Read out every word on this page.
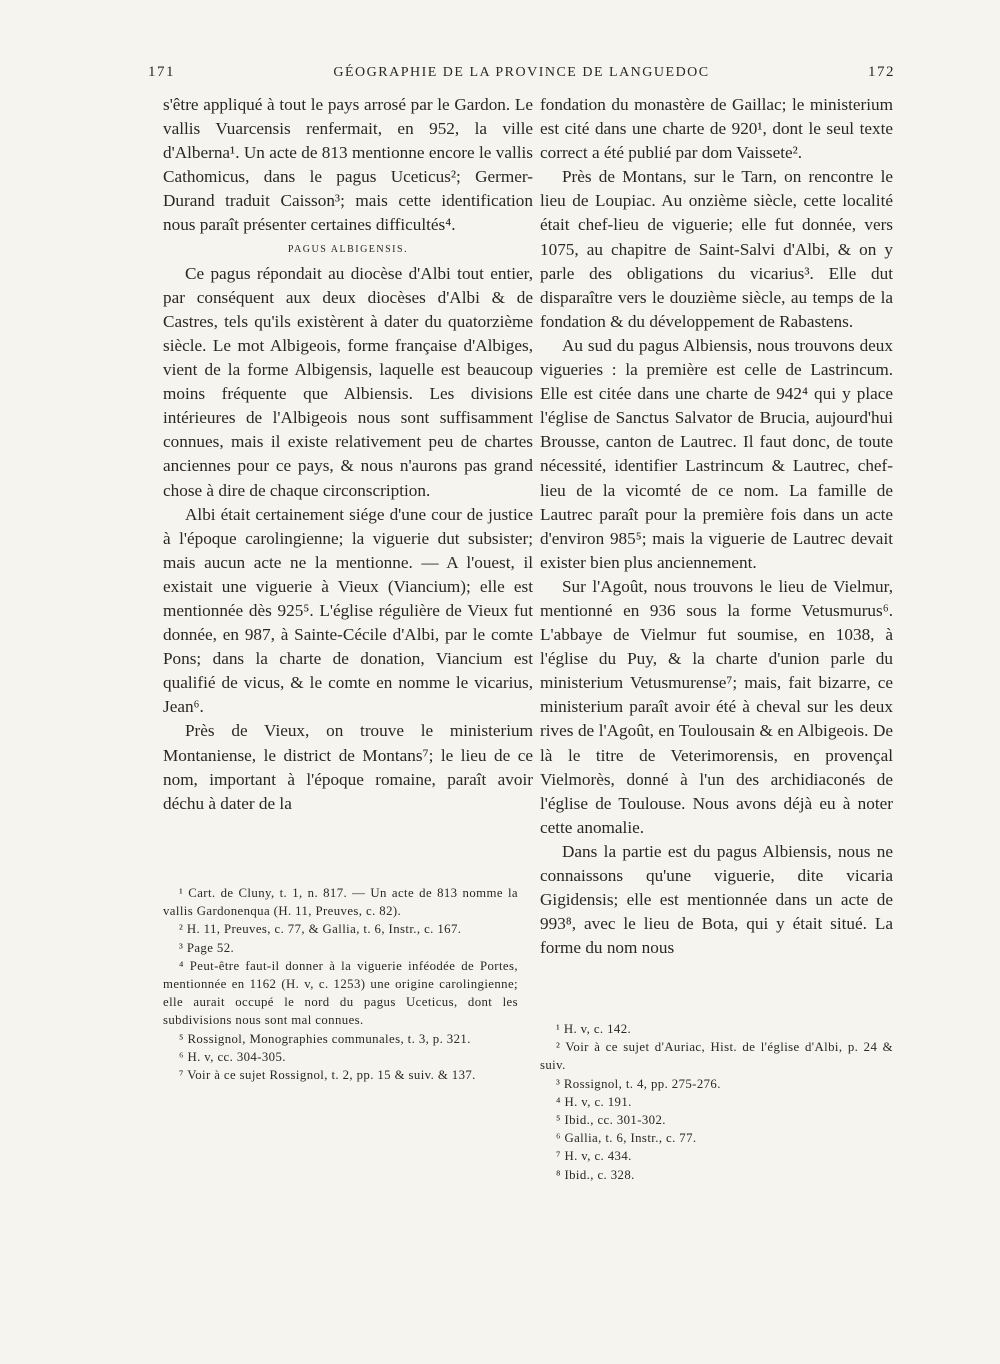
171	GÉOGRAPHIE DE LA PROVINCE DE LANGUEDOC	172

s'être appliqué à tout le pays arrosé par le Gardon. Le vallis Vuarcensis renfermait, en 952, la ville d'Alberna¹. Un acte de 813 mentionne encore le vallis Cathomicus, dans le pagus Uceticus²; Germer-Durand traduit Caisson³; mais cette identification nous paraît présenter certaines difficultés⁴.

PAGUS ALBIGENSIS.

Ce pagus répondait au diocèse d'Albi tout entier, par conséquent aux deux diocèses d'Albi & de Castres, tels qu'ils existèrent à dater du quatorzième siècle. Le mot Albigeois, forme française d'Albiges, vient de la forme Albigensis, laquelle est beaucoup moins fréquente que Albiensis. Les divisions intérieures de l'Albigeois nous sont suffisamment connues, mais il existe relativement peu de chartes anciennes pour ce pays, & nous n'aurons pas grand chose à dire de chaque circonscription.

Albi était certainement siége d'une cour de justice à l'époque carolingienne; la viguerie dut subsister; mais aucun acte ne la mentionne. — A l'ouest, il existait une viguerie à Vieux (Viancium); elle est mentionnée dès 925⁵. L'église régulière de Vieux fut donnée, en 987, à Sainte-Cécile d'Albi, par le comte Pons; dans la charte de donation, Viancium est qualifié de vicus, & le comte en nomme le vicarius, Jean⁶.

Près de Vieux, on trouve le ministerium Montaniense, le district de Montans⁷; le lieu de ce nom, important à l'époque romaine, paraît avoir déchu à dater de la

fondation du monastère de Gaillac; le ministerium est cité dans une charte de 920¹, dont le seul texte correct a été publié par dom Vaissete².

Près de Montans, sur le Tarn, on rencontre le lieu de Loupiac. Au onzième siècle, cette localité était chef-lieu de viguerie; elle fut donnée, vers 1075, au chapitre de Saint-Salvi d'Albi, & on y parle des obligations du vicarius³. Elle dut disparaître vers le douzième siècle, au temps de la fondation & du développement de Rabastens.

Au sud du pagus Albiensis, nous trouvons deux vigueries : la première est celle de Lastrincum. Elle est citée dans une charte de 942⁴ qui y place l'église de Sanctus Salvator de Brucia, aujourd'hui Brousse, canton de Lautrec. Il faut donc, de toute nécessité, identifier Lastrincum & Lautrec, chef-lieu de la vicomté de ce nom. La famille de Lautrec paraît pour la première fois dans un acte d'environ 985⁵; mais la viguerie de Lautrec devait exister bien plus anciennement.

Sur l'Agoût, nous trouvons le lieu de Vielmur, mentionné en 936 sous la forme Vetusmurus⁶. L'abbaye de Vielmur fut soumise, en 1038, à l'église du Puy, & la charte d'union parle du ministerium Vetusmurense⁷; mais, fait bizarre, ce ministerium paraît avoir été à cheval sur les deux rives de l'Agoût, en Toulousain & en Albigeois. De là le titre de Veterimorensis, en provençal Vielmorès, donné à l'un des archidiaconés de l'église de Toulouse. Nous avons déjà eu à noter cette anomalie.

Dans la partie est du pagus Albiensis, nous ne connaissons qu'une viguerie, dite vicaria Gigidensis; elle est mentionnée dans un acte de 993⁸, avec le lieu de Bota, qui y était situé. La forme du nom nous

¹ Cart. de Cluny, t. 1, n. 817. — Un acte de 813 nomme la vallis Gardonenqua (H. 11, Preuves, c. 82).

² H. 11, Preuves, c. 77, & Gallia, t. 6, Instr., c. 167.

³ Page 52.

⁴ Peut-être faut-il donner à la viguerie inféodée de Portes, mentionnée en 1162 (H. v, c. 1253) une origine carolingienne; elle aurait occupé le nord du pagus Uceticus, dont les subdivisions nous sont mal connues.

⁵ Rossignol, Monographies communales, t. 3, p. 321.

⁶ H. v, cc. 304-305.

⁷ Voir à ce sujet Rossignol, t. 2, pp. 15 & suiv. & 137.

¹ H. v, c. 142.

² Voir à ce sujet d'Auriac, Hist. de l'église d'Albi, p. 24 & suiv.

³ Rossignol, t. 4, pp. 275-276.

⁴ H. v, c. 191.

⁵ Ibid., cc. 301-302.

⁶ Gallia, t. 6, Instr., c. 77.

⁷ H. v, c. 434.

⁸ Ibid., c. 328.
